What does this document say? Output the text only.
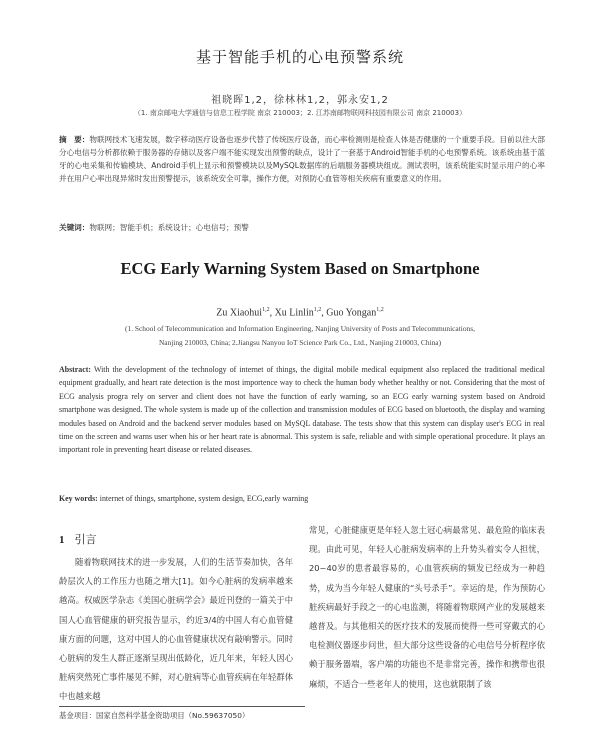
基于智能手机的心电预警系统
祖晓晖1,2，徐林林1,2，郭永安1,2
（1. 南京邮电大学通信与信息工程学院 南京 210003；2. 江苏南邮物联网科技园有限公司 南京 210003）
摘　要：物联网技术飞速发展，数字移动医疗设备也逐步代替了传统医疗设备，而心率检测则是检查人体是否健康的一个重要手段。目前以往大部分心电信号分析都依赖于服务器的存储以及客户端不能实现发出预警的缺点，设计了一套基于Android智能手机的心电预警系统。该系统由基于蓝牙的心电采集和传输模块、Android手机上显示和预警模块以及MySQL数据库的后端服务器模块组成。测试表明，该系统能实时显示用户的心率并在用户心率出现异常时发出预警提示，该系统安全可靠，操作方便，对预防心血管等相关疾病有重要意义的作用。
关键词：物联网；智能手机；系统设计；心电信号；预警
ECG Early Warning System Based on Smartphone
Zu Xiaohui$^{1,2}$, Xu Linlin$^{1,2}$, Guo Yongan$^{1,2}$
(1. School of Telecommunication and Information Engineering, Nanjing University of Posts and Telecommunications,
Nanjing 210003, China; 2.Jiangsu Nanyou IoT Science Park Co., Ltd., Nanjing 210003, China)
Abstract: With the development of the technology of internet of things, the digital mobile medical equipment also replaced the traditional medical equipment gradually, and heart rate detection is the most importence way to check the human body whether healthy or not. Considering that the most of ECG analysis progra rely on server and client does not have the function of early warning, so an ECG early warning system based on Android smartphone was designed. The whole system is made up of the collection and transmission modules of ECG based on bluetooth, the display and warning modules based on Android and the backend server modules based on MySQL database. The tests show that this system can display user's ECG in real time on the screen and warns user when his or her heart rate is abnormal. This system is safe, reliable and with simple operational procedure. It plays an important role in preventing heart disease or related diseases.
Key words: internet of things, smartphone, system design, ECG,early warning
1 引言
随着物联网技术的进一步发展，人们的生活节奏加快，各年龄层次人的工作压力也随之增大[1]。如今心脏病的发病率越来越高。权威医学杂志《美国心脏病学会》最近刊登的一篇关于中国人心血管健康的研究报告显示，约近3/4的中国人有心血管健康方面的问题，这对中国人的心血管健康状况有敲响警示。同时心脏病的发生人群正逐渐呈现出低龄化，近几年来，年轻人因心脏病突然死亡事件屡见不鲜，对心脏病等心血管疾病在年轻群体中也越来越
常见，心脏健康更是年轻人忽土冠心病最常见、最危险的临床表现。由此可见，年轻人心脏病发病率的上升势头着实令人担忧，20~40岁的患者最容易的，心血管疾病的频发已经成为一种趋势，成为当今年轻人健康的“头号杀手”。幸运的是，作为预防心脏疾病最好手段之一的心电监测，将随着物联网产业的发展越来越普及。与其他相关的医疗技术的发展而使得一些可穿戴式的心电检测仪器逐步问世，但大部分这些设备的心电信号分析程序依赖于服务器端，客户端的功能也不是非常完善，操作和携带也很麻烦，不适合一些老年人的使用，这也就限制了该
基金项目：国家自然科学基金资助项目（No.59637050）
